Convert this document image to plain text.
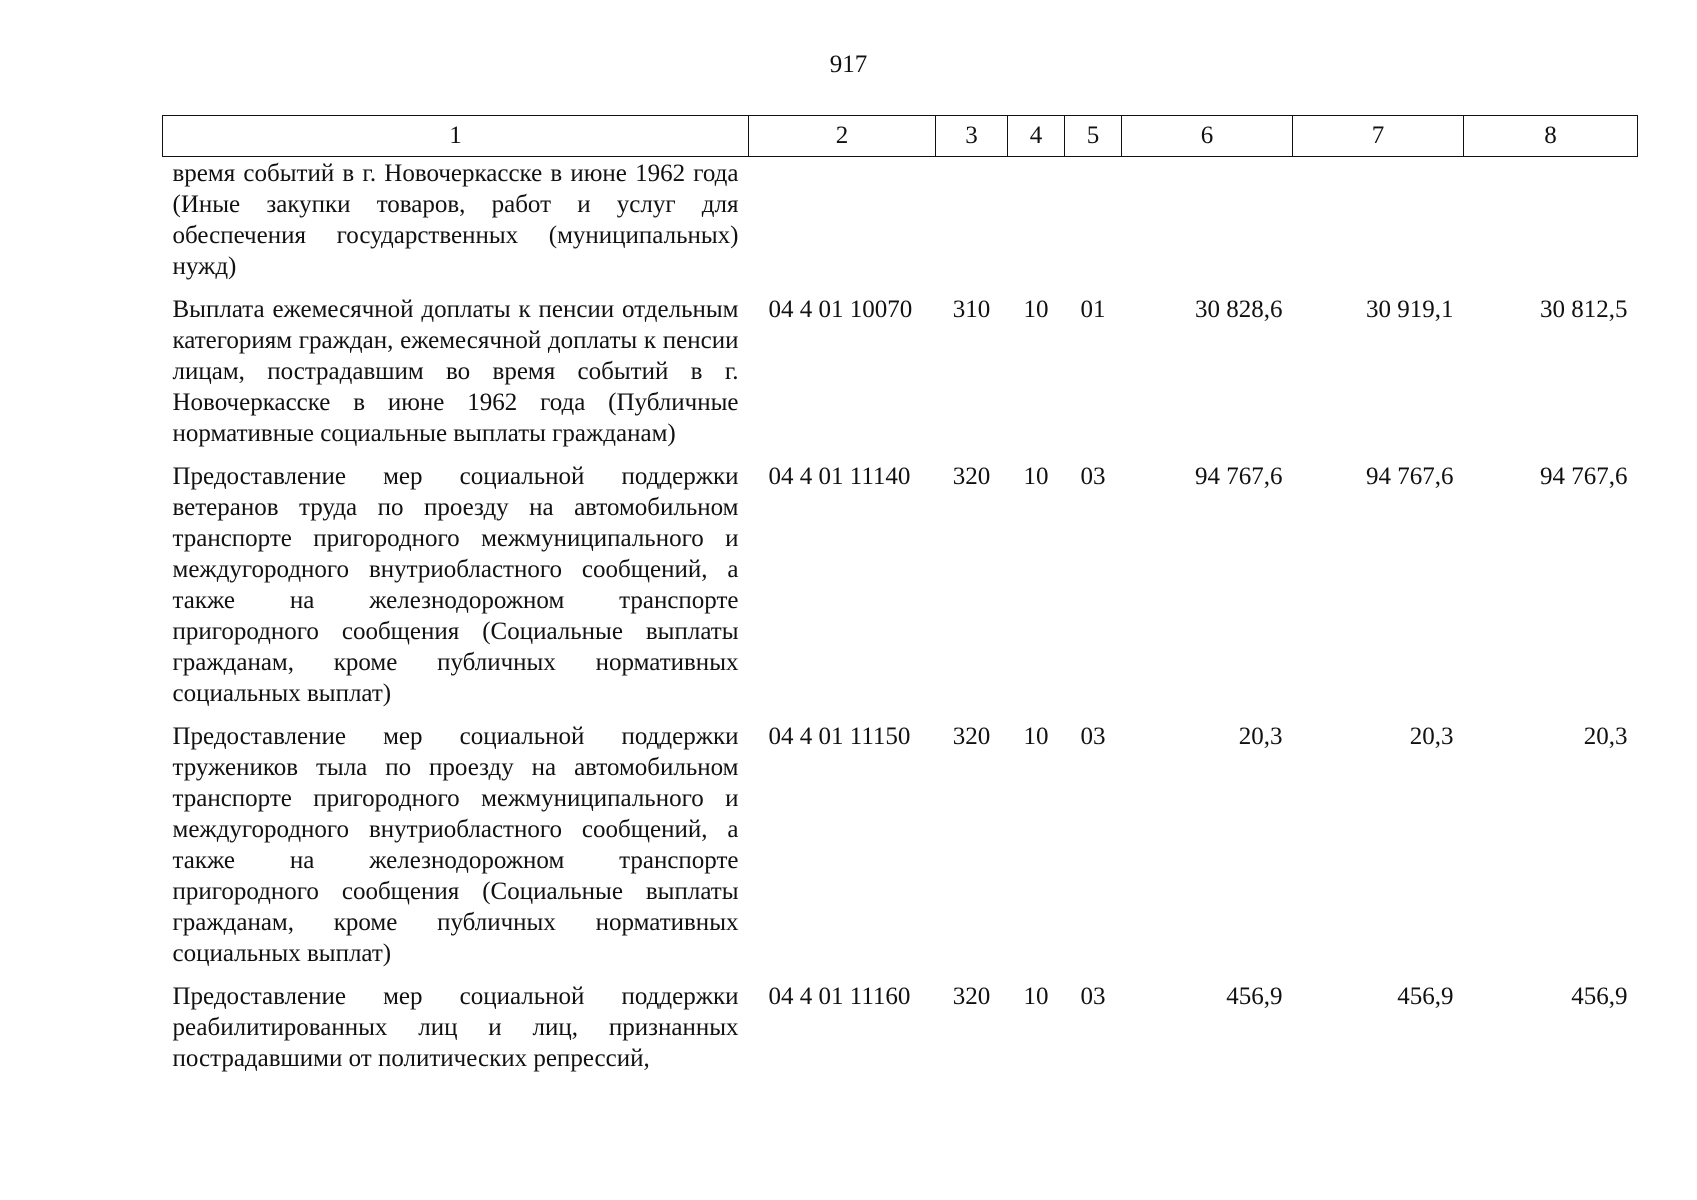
917
1	2	3	4	5	6	7	8
время событий в г. Новочеркасске в июне 1962 года (Иные закупки товаров, работ и услуг для обеспечения государственных (муниципальных) нужд)							
Выплата ежемесячной доплаты к пенсии отдельным категориям граждан, ежемесячной доплаты к пенсии лицам, пострадавшим во время событий в г. Новочеркасске в июне 1962 года (Публичные нормативные социальные выплаты гражданам)	04 4 01 10070	310	10	01	30 828,6	30 919,1	30 812,5
Предоставление мер социальной поддержки ветеранов труда по проезду на автомобильном транспорте пригородного межмуниципального и междугородного внутриобластного сообщений, а также на железнодорожном транспорте пригородного сообщения (Социальные выплаты гражданам, кроме публичных нормативных социальных выплат)	04 4 01 11140	320	10	03	94 767,6	94 767,6	94 767,6
Предоставление мер социальной поддержки тружеников тыла по проезду на автомобильном транспорте пригородного межмуниципального и междугородного внутриобластного сообщений, а также на железнодорожном транспорте пригородного сообщения (Социальные выплаты гражданам, кроме публичных нормативных социальных выплат)	04 4 01 11150	320	10	03	20,3	20,3	20,3
Предоставление мер социальной поддержки реабилитированных лиц и лиц, признанных пострадавшими от политических репрессий,	04 4 01 11160	320	10	03	456,9	456,9	456,9
